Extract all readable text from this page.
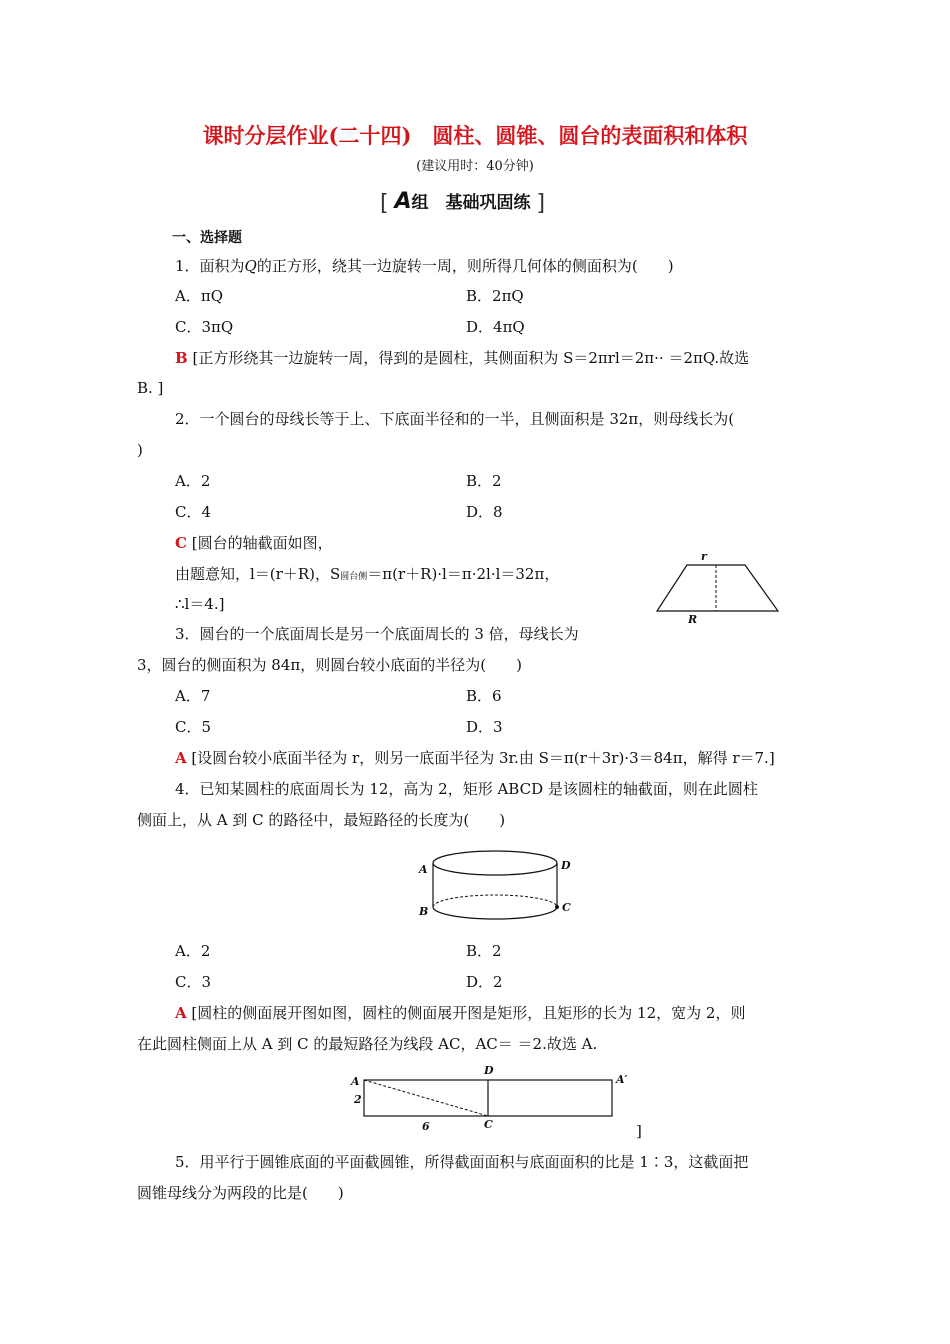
课时分层作业(二十四)　圆柱、圆锥、圆台的表面积和体积
(建议用时：40分钟)
[ A组　基础巩固练 ]
一、选择题
1．面积为Q的正方形，绕其一边旋转一周，则所得几何体的侧面积为(　　)
A．πQ	B．2πQ
C．3πQ	D．4πQ
B [正方形绕其一边旋转一周，得到的是圆柱，其侧面积为 S＝2πrl＝2π·· ＝2πQ.故选
B. ]
2．一个圆台的母线长等于上、下底面半径和的一半，且侧面积是 32π，则母线长为(
)
A．2	B．2
C．4	D．8
C [圆台的轴截面如图，
由题意知，l＝(r＋R)，S圆台侧＝π(r＋R)·l＝π·2l·l＝32π，
∴l＝4.]
r
R
3．圆台的一个底面周长是另一个底面周长的 3 倍，母线长为
3，圆台的侧面积为 84π，则圆台较小底面的半径为(　　)
A．7	B．6
C．5	D．3
A [设圆台较小底面半径为 r，则另一底面半径为 3r.由 S＝π(r＋3r)·3＝84π，解得 r＝7.]
4．已知某圆柱的底面周长为 12，高为 2，矩形 ABCD 是该圆柱的轴截面，则在此圆柱
侧面上，从 A 到 C 的路径中，最短路径的长度为(　　)
A	D
B	C
A．2	B．2
C．3	D．2
A [圆柱的侧面展开图如图，圆柱的侧面展开图是矩形，且矩形的长为 12，宽为 2，则
在此圆柱侧面上从 A 到 C 的最短路径为线段 AC，AC＝ ＝2.故选 A.
A
D
A′
2
6	C	]
5．用平行于圆锥底面的平面截圆锥，所得截面面积与底面面积的比是 1∶3，这截面把
圆锥母线分为两段的比是(　　)
